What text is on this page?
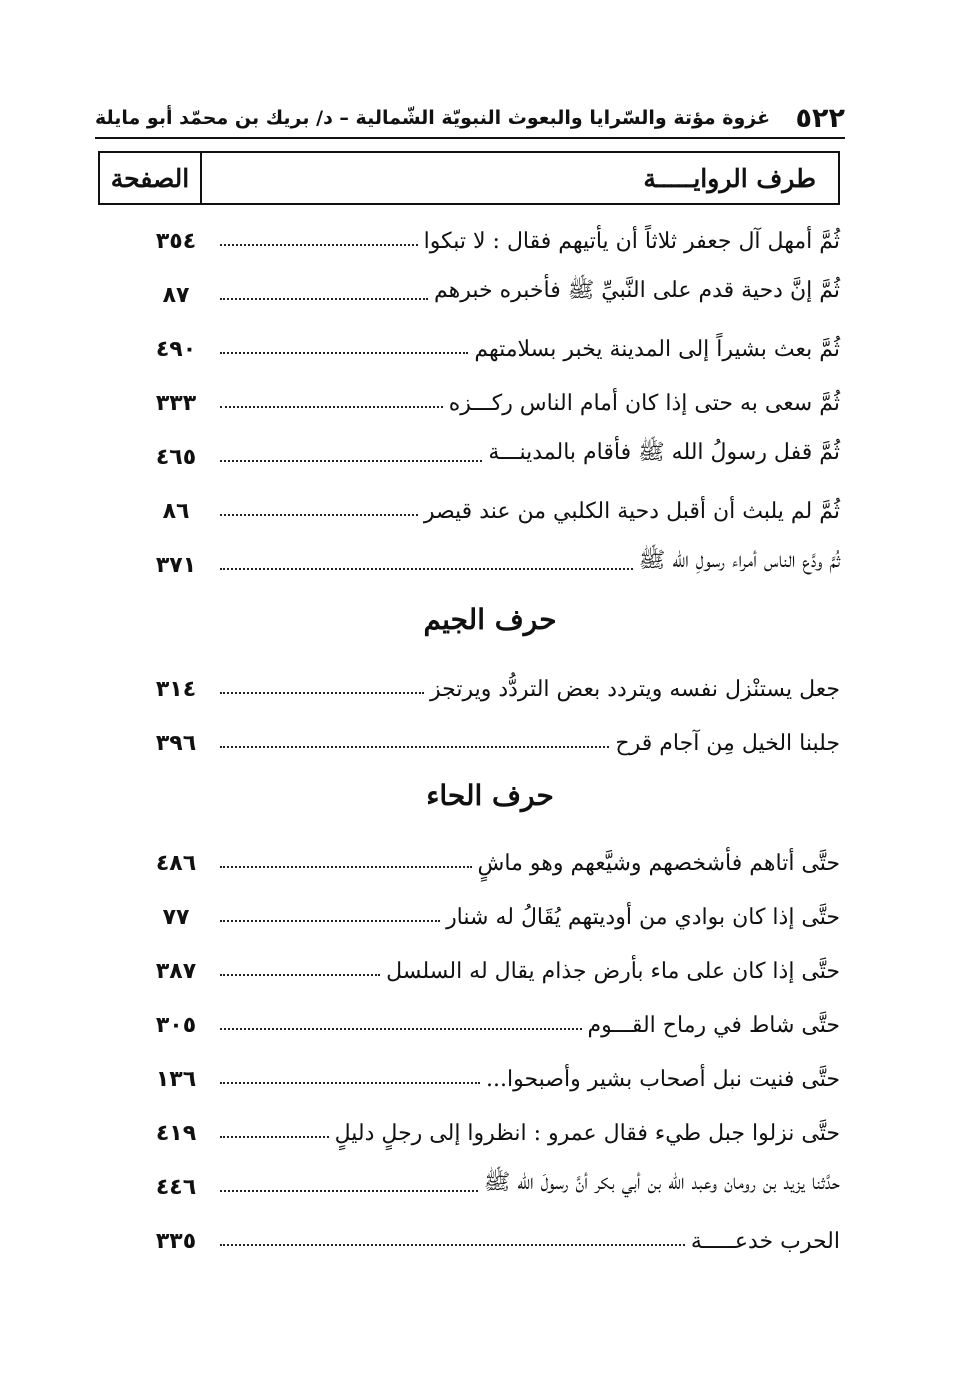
٥٢٢
غزوة مؤتة والسّرايا والبعوث النبويّة الشّمالية – د/ بريك بن محمّد أبو مايلة
طرف الروايـــــة
الصفحة
ثُمَّ أمهل آل جعفر ثلاثاً أن يأتيهم فقال : لا تبكوا
٣٥٤
ثُمَّ إنَّ دحية قدم على النَّبيِّ ﷺ فأخبره خبرهم
٨٧
ثُمَّ بعث بشيراً إلى المدينة يخبر بسلامتهم
٤٩٠
ثُمَّ سعى به حتى إذا كان أمام الناس ركـــزه
٣٣٣
ثُمَّ قفل رسولُ الله ﷺ فأقام بالمدينـــة
٤٦٥
ثُمَّ لم يلبث أن أقبل دحية الكلبي من عند قيصر
٨٦
ثُمَّ ودَّع الناس أمراء رسولِ الله ﷺ
٣٧١
حرف الجيم
جعل يستنْزل نفسه ويتردد بعض التردُّد ويرتجز
٣١٤
جلبنا الخيل مِن آجام قرح
٣٩٦
حرف الحاء
حتَّى أتاهم فأشخصهم وشيَّعهم وهو ماشٍ
٤٨٦
حتَّى إذا كان بوادي من أوديتهم يُقَالُ له شنار
٧٧
حتَّى إذا كان على ماء بأرض جذام يقال له السلسل
٣٨٧
حتَّى شاط في رماح القـــوم
٣٠٥
حتَّى فنيت نبل أصحاب بشير وأصبحوا...
١٣٦
حتَّى نزلوا جبل طيء فقال عمرو : انظروا إلى رجلٍ دليلٍ
٤١٩
حدَّثنا يزيد بن رومان وعبد الله بن أبي بكر أنَّ رسولَ الله ﷺ
٤٤٦
الحرب خدعـــــة
٣٣٥
